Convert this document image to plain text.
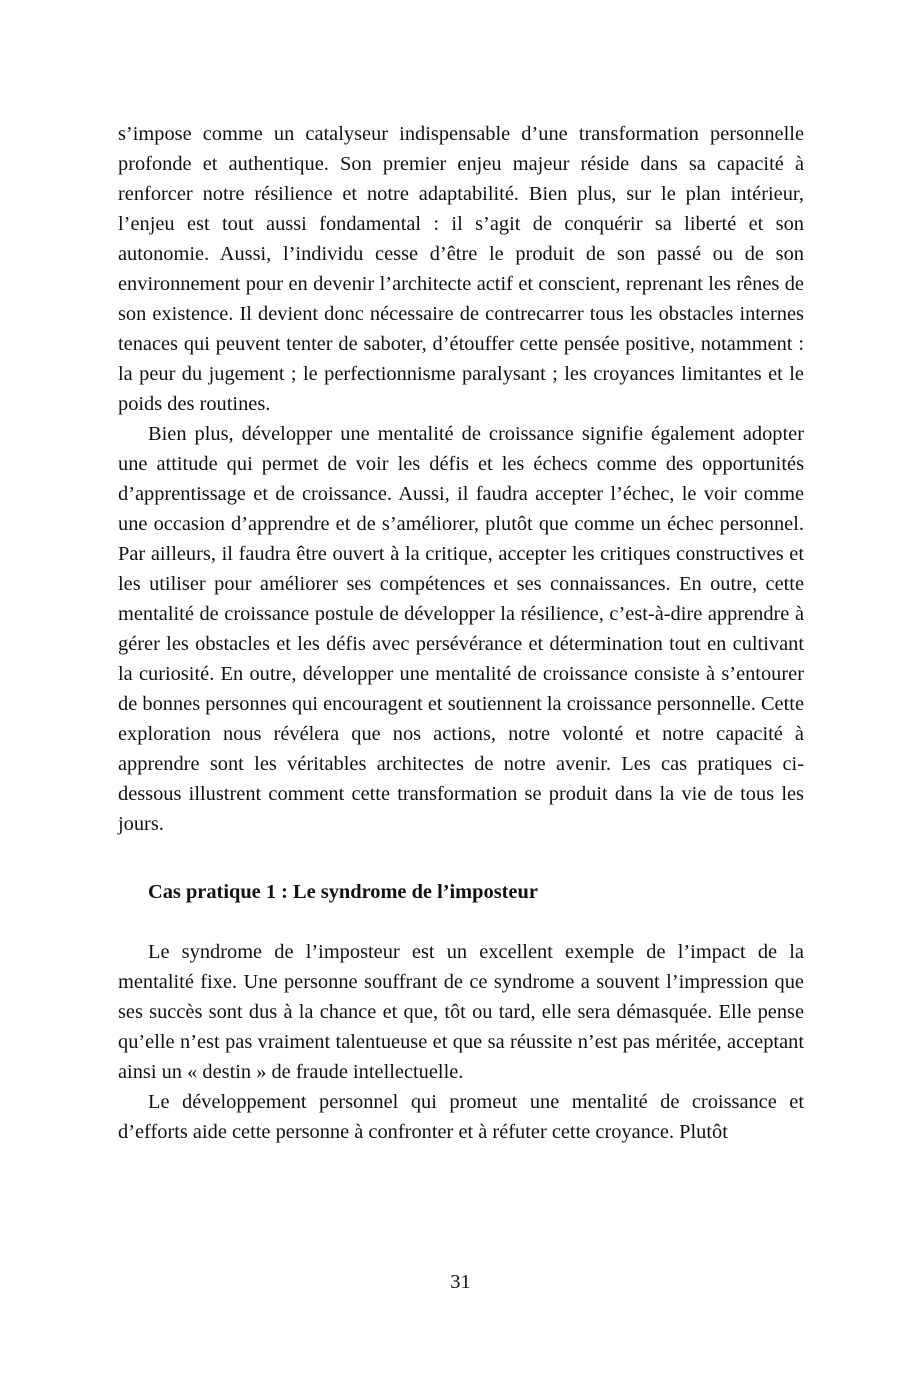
s’impose comme un catalyseur indispensable d’une transformation personnelle profonde et authentique. Son premier enjeu majeur réside dans sa capacité à renforcer notre résilience et notre adaptabilité. Bien plus, sur le plan intérieur, l’enjeu est tout aussi fondamental : il s’agit de conquérir sa liberté et son autonomie. Aussi, l’individu cesse d’être le produit de son passé ou de son environnement pour en devenir l’architecte actif et conscient, reprenant les rênes de son existence. Il devient donc nécessaire de contrecarrer tous les obstacles internes tenaces qui peuvent tenter de saboter, d’étouffer cette pensée positive, notamment : la peur du jugement ; le perfectionnisme paralysant ; les croyances limitantes et le poids des routines.

Bien plus, développer une mentalité de croissance signifie également adopter une attitude qui permet de voir les défis et les échecs comme des opportunités d’apprentissage et de croissance. Aussi, il faudra accepter l’échec, le voir comme une occasion d’apprendre et de s’améliorer, plutôt que comme un échec personnel. Par ailleurs, il faudra être ouvert à la critique, accepter les critiques constructives et les utiliser pour améliorer ses compétences et ses connaissances. En outre, cette mentalité de croissance postule de développer la résilience, c’est-à-dire apprendre à gérer les obstacles et les défis avec persévérance et détermination tout en cultivant la curiosité. En outre, développer une mentalité de croissance consiste à s’entourer de bonnes personnes qui encouragent et soutiennent la croissance personnelle. Cette exploration nous révélera que nos actions, notre volonté et notre capacité à apprendre sont les véritables architectes de notre avenir. Les cas pratiques ci-dessous illustrent comment cette transformation se produit dans la vie de tous les jours.

Cas pratique 1 : Le syndrome de l’imposteur

Le syndrome de l’imposteur est un excellent exemple de l’impact de la mentalité fixe. Une personne souffrant de ce syndrome a souvent l’impression que ses succès sont dus à la chance et que, tôt ou tard, elle sera démasquée. Elle pense qu’elle n’est pas vraiment talentueuse et que sa réussite n’est pas méritée, acceptant ainsi un « destin » de fraude intellectuelle.

Le développement personnel qui promeut une mentalité de croissance et d’efforts aide cette personne à confronter et à réfuter cette croyance. Plutôt

31
